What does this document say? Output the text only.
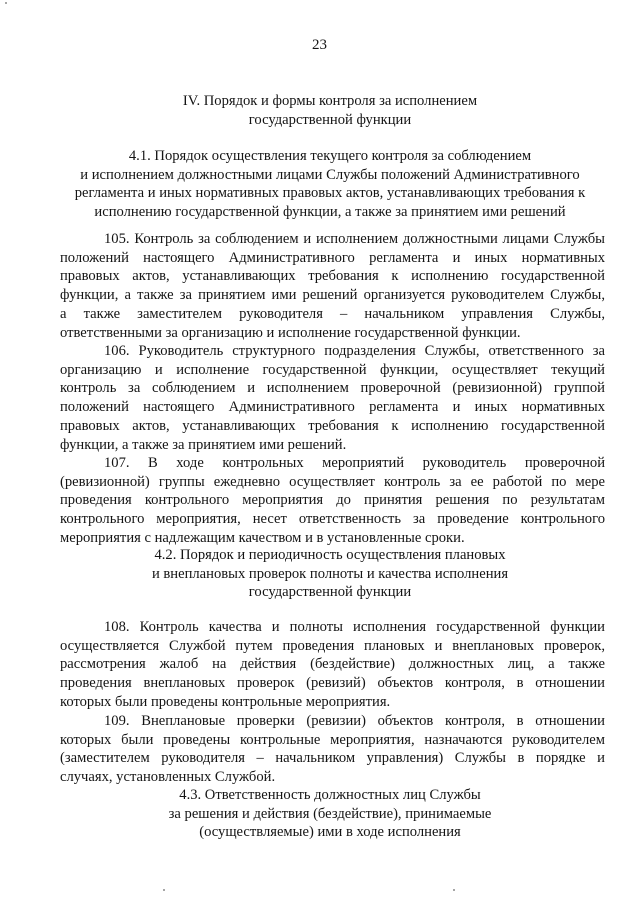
23
IV. Порядок и формы контроля за исполнением
государственной функции
4.1. Порядок осуществления текущего контроля за соблюдением
и исполнением должностными лицами Службы положений Административного
регламента и иных нормативных правовых актов, устанавливающих требования к
исполнению государственной функции, а также за принятием ими решений

105. Контроль за соблюдением и исполнением должностными лицами Службы
положений настоящего Административного регламента и иных нормативных
правовых актов, устанавливающих требования к исполнению государственной
функции, а также за принятием ими решений организуется руководителем Службы,
а также заместителем руководителя – начальником управления Службы,
ответственными за организацию и исполнение государственной функции.

106. Руководитель структурного подразделения Службы, ответственного за
организацию и исполнение государственной функции, осуществляет текущий
контроль за соблюдением и исполнением проверочной (ревизионной) группой
положений настоящего Административного регламента и иных нормативных
правовых актов, устанавливающих требования к исполнению государственной
функции, а также за принятием ими решений.

107. В ходе контрольных мероприятий руководитель проверочной
(ревизионной) группы ежедневно осуществляет контроль за ее работой по мере
проведения контрольного мероприятия до принятия решения по результатам
контрольного мероприятия, несет ответственность за проведение контрольного
мероприятия с надлежащим качеством и в установленные сроки.

4.2. Порядок и периодичность осуществления плановых
и внеплановых проверок полноты и качества исполнения
государственной функции

108. Контроль качества и полноты исполнения государственной функции
осуществляется Службой путем проведения плановых и внеплановых проверок,
рассмотрения жалоб на действия (бездействие) должностных лиц, а также
проведения внеплановых проверок (ревизий) объектов контроля, в отношении
которых были проведены контрольные мероприятия.

109. Внеплановые проверки (ревизии) объектов контроля, в отношении
которых были проведены контрольные мероприятия, назначаются руководителем
(заместителем руководителя – начальником управления) Службы в порядке и
случаях, установленных Службой.

4.3. Ответственность должностных лиц Службы
за решения и действия (бездействие), принимаемые
(осуществляемые) ими в ходе исполнения
